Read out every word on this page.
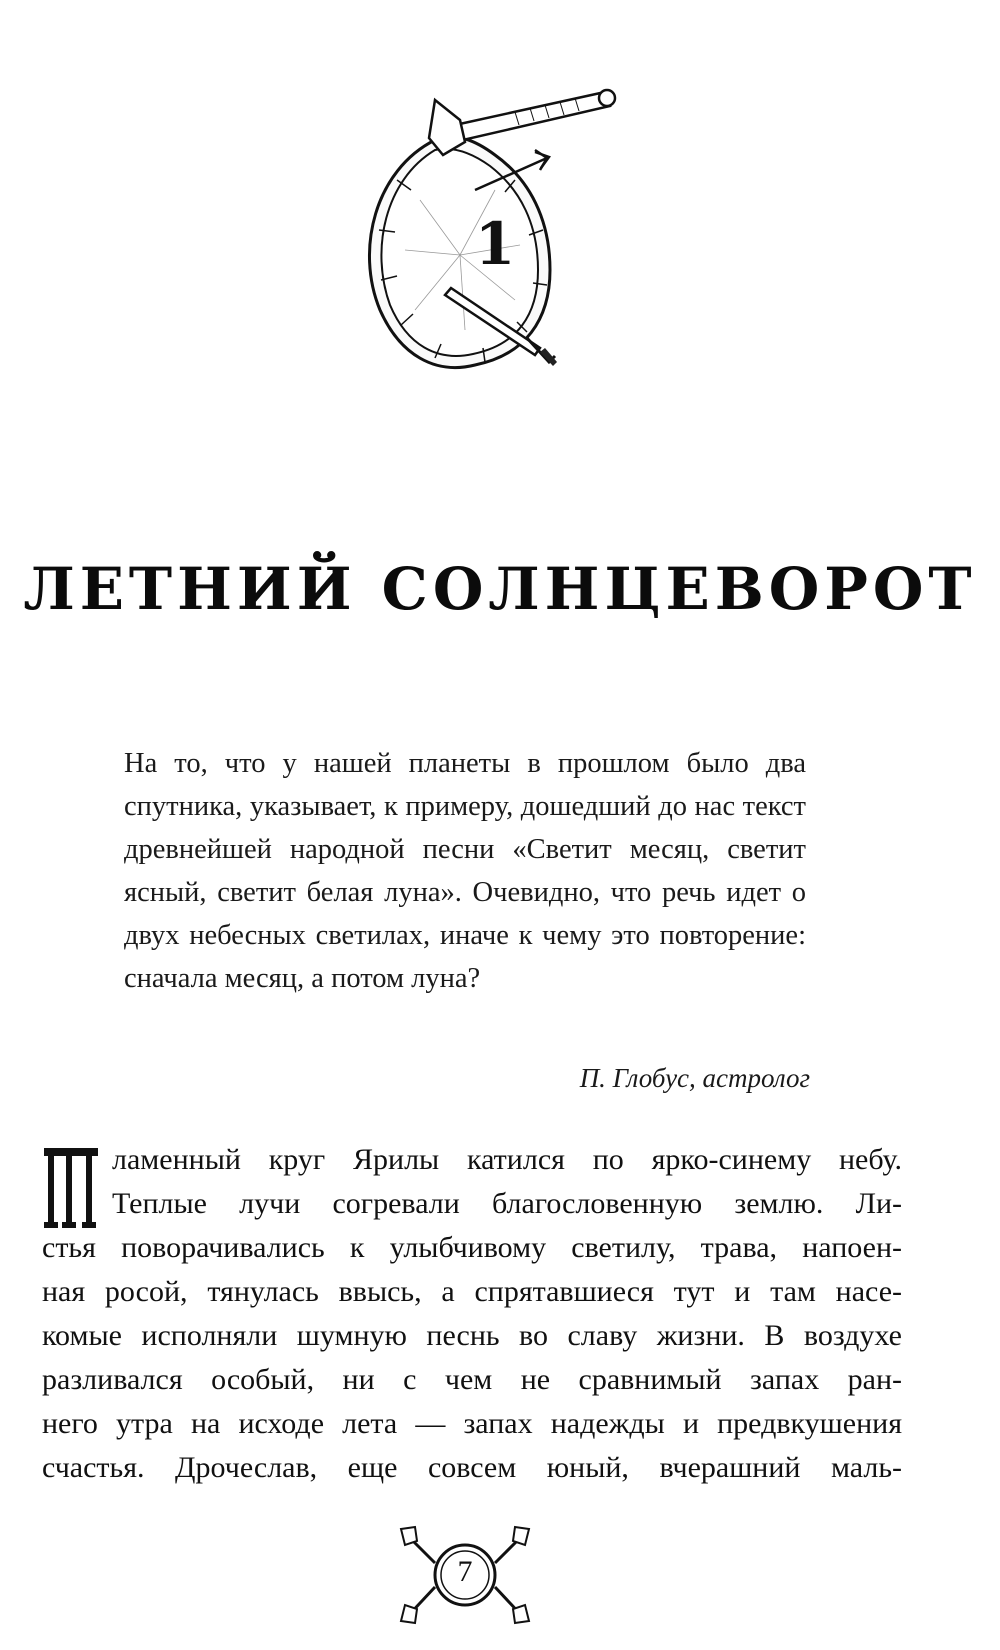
1
ЛЕТНИЙ СОЛНЦЕВОРОТ
На то, что у нашей планеты в прошлом было два спутника, указывает, к примеру, дошедший до нас текст древнейшей народной песни «Светит месяц, светит ясный, светит белая луна». Очевидно, что речь идет о двух небесных светилах, иначе к чему это повторение: сначала месяц, а потом луна?
П. Глобус, астролог
ламенный круг Ярилы катился по ярко-синему небу.
Теплые лучи согревали благословенную землю. Ли-
стья поворачивались к улыбчивому светилу, трава, напоен-
ная росой, тянулась ввысь, а спрятавшиеся тут и там насе-
комые исполняли шумную песнь во славу жизни. В воздухе
разливался особый, ни с чем не сравнимый запах ран-
него утра на исходе лета — запах надежды и предвкушения
счастья. Дрочеслав, еще совсем юный, вчерашний маль-
7
